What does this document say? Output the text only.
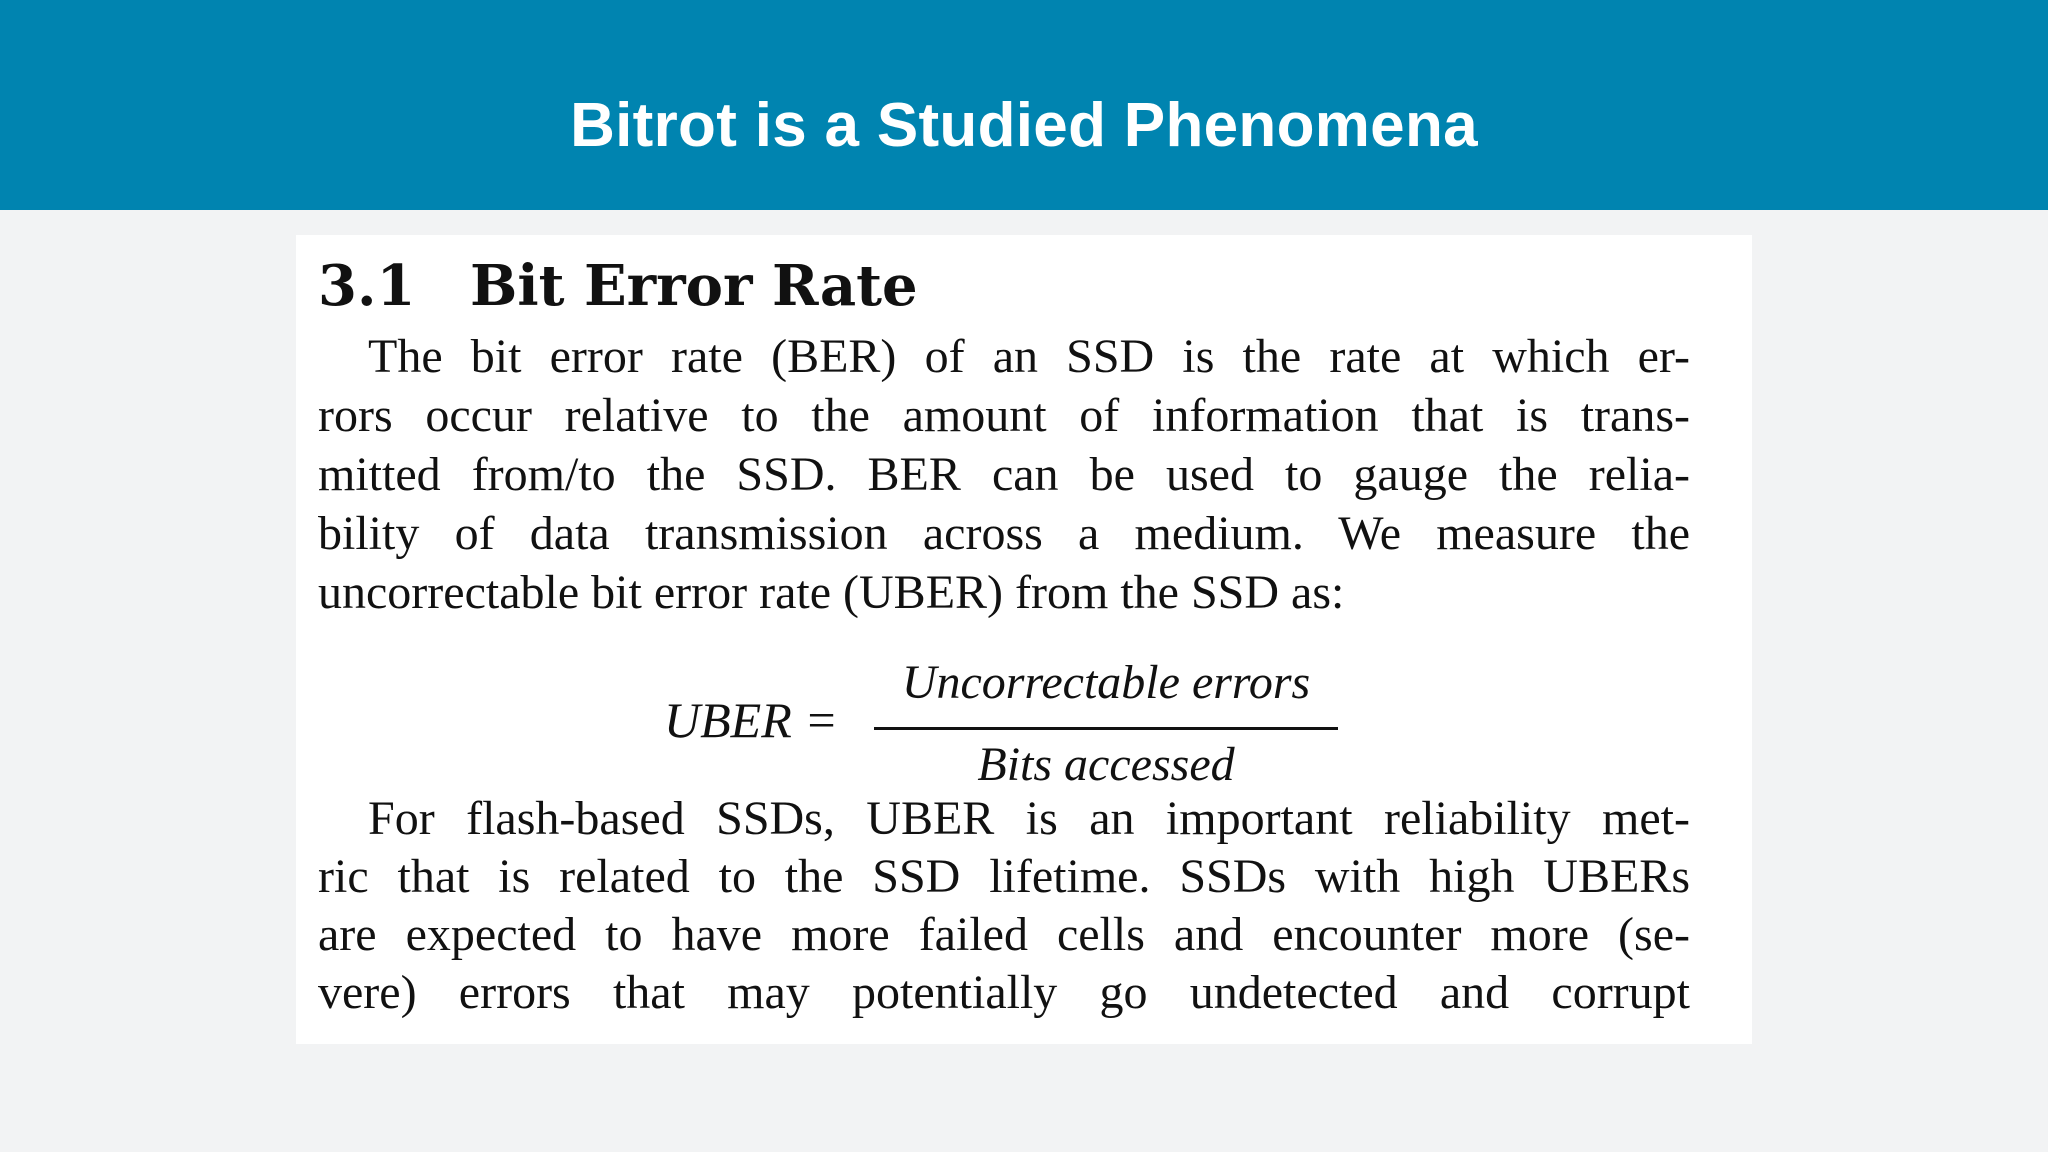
Bitrot is a Studied Phenomena
3.1 Bit Error Rate

The bit error rate (BER) of an SSD is the rate at which er-

rors occur relative to the amount of information that is trans-

mitted from/to the SSD. BER can be used to gauge the relia-

bility of data transmission across a medium. We measure the

uncorrectable bit error rate (UBER) from the SSD as:

UBER =
Uncorrectable errors
Bits accessed

For flash-based SSDs, UBER is an important reliability met-

ric that is related to the SSD lifetime. SSDs with high UBERs

are expected to have more failed cells and encounter more (se-

vere) errors that may potentially go undetected and corrupt
